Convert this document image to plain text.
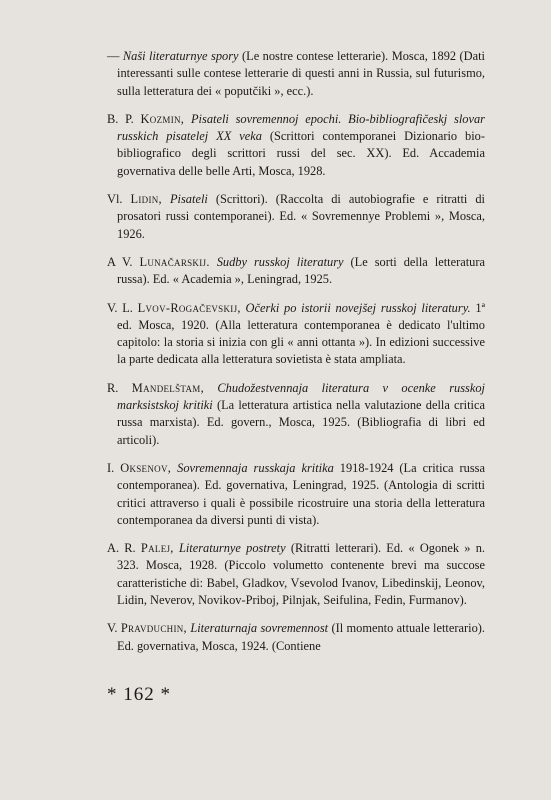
— Naši literaturnye spory (Le nostre contese letterarie). Mosca, 1892 (Dati interessanti sulle contese letterarie di questi anni in Russia, sul futurismo, sulla letteratura dei « poputčiki », ecc.).

B. P. Kozmin, Pisateli sovremennoj epochi. Bio-bibliografičeskj slovar russkich pisatelej XX veka (Scrittori contemporanei Dizionario bio-bibliografico degli scrittori russi del sec. XX). Ed. Accademia governativa delle belle Arti, Mosca, 1928.

Vl. Lidin, Pisateli (Scrittori). (Raccolta di autobiografie e ritratti di prosatori russi contemporanei). Ed. « Sovremennye Problemi », Mosca, 1926.

A V. Lunačarskij. Sudby russkoj literatury (Le sorti della letteratura russa). Ed. « Academia », Leningrad, 1925.

V. L. Lvov-Rogačevskij, Očerki po istorii novejšej russkoj literatury. 1ª ed. Mosca, 1920. (Alla letteratura contemporanea è dedicato l'ultimo capitolo: la storia si inizia con gli « anni ottanta »). In edizioni successive la parte dedicata alla letteratura sovietista è stata ampliata.

R. Mandelštam, Chudožestvennaja literatura v ocenke russkoj marksistskoj kritiki (La letteratura artistica nella valutazione della critica russa marxista). Ed. govern., Mosca, 1925. (Bibliografia di libri ed articoli).

I. Oksenov, Sovremennaja russkaja kritika 1918-1924 (La critica russa contemporanea). Ed. governativa, Leningrad, 1925. (Antologia di scritti critici attraverso i quali è possibile ricostruire una storia della letteratura contemporanea da diversi punti di vista).

A. R. Palej, Literaturnye postrety (Ritratti letterari). Ed. « Ogonek » n. 323. Mosca, 1928. (Piccolo volumetto contenente brevi ma succose caratteristiche di: Babel, Gladkov, Vsevolod Ivanov, Libedinskij, Leonov, Lidin, Neverov, Novikov-Priboj, Pilnjak, Seifulina, Fedin, Furmanov).

V. Pravduchin, Literaturnaja sovremennost (Il momento attuale letterario). Ed. governativa, Mosca, 1924. (Contiene

* 162 *
